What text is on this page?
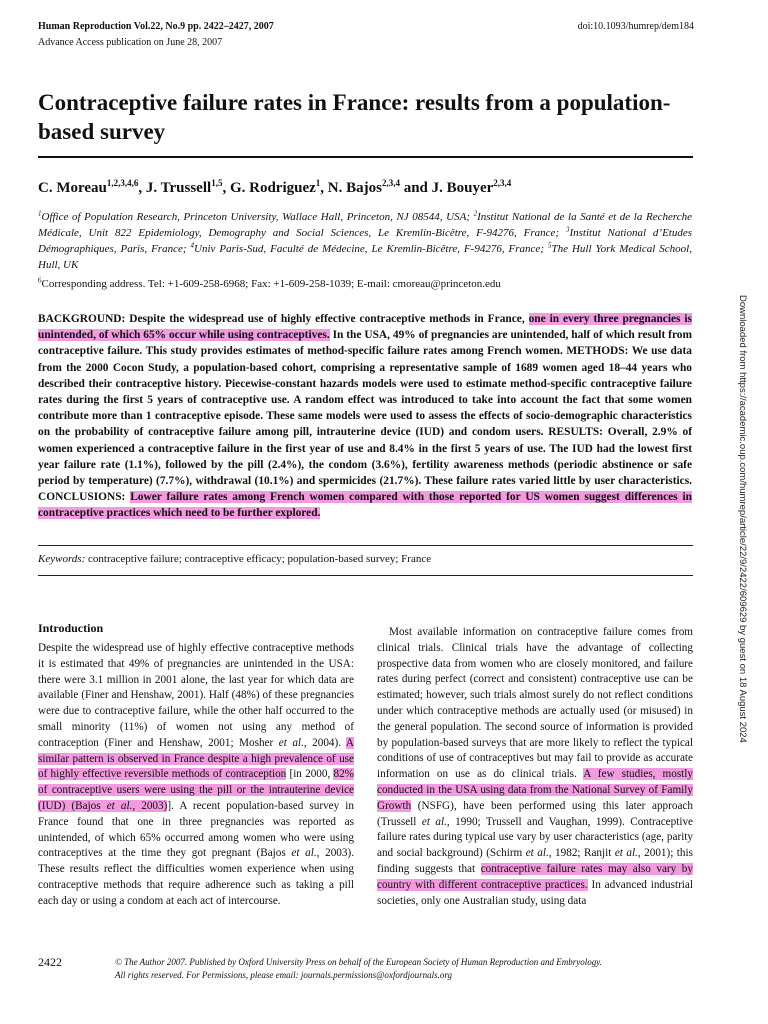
Human Reproduction Vol.22, No.9 pp. 2422–2427, 2007
Advance Access publication on June 28, 2007
doi:10.1093/humrep/dem184
Contraceptive failure rates in France: results from a population-based survey
C. Moreau$^{1,2,3,4,6}$, J. Trussell$^{1,5}$, G. Rodriguez$^1$, N. Bajos$^{2,3,4}$ and J. Bouyer$^{2,3,4}$
$^1$Office of Population Research, Princeton University, Wallace Hall, Princeton, NJ 08544, USA; $^2$Institut National de la Santé et de la Recherche Médicale, Unit 822 Epidemiology, Demography and Social Sciences, Le Kremlin-Bicêtre, F-94276, France; $^3$Institut National d’Etudes Démographiques, Paris, France; $^4$Univ Paris-Sud, Faculté de Médecine, Le Kremlin-Bicêtre, F-94276, France; $^5$The Hull York Medical School, Hull, UK
$^6$Corresponding address. Tel: +1-609-258-6968; Fax: +1-609-258-1039; E-mail: cmoreau@princeton.edu
BACKGROUND: Despite the widespread use of highly effective contraceptive methods in France, one in every three pregnancies is unintended, of which 65% occur while using contraceptives. In the USA, 49% of pregnancies are unintended, half of which result from contraceptive failure. This study provides estimates of method-specific failure rates among French women. METHODS: We use data from the 2000 Cocon Study, a population-based cohort, comprising a representative sample of 1689 women aged 18–44 years who described their contraceptive history. Piecewise-constant hazards models were used to estimate method-specific contraceptive failure rates during the first 5 years of contraceptive use. A random effect was introduced to take into account the fact that some women contribute more than 1 contraceptive episode. These same models were used to assess the effects of socio-demographic characteristics on the probability of contraceptive failure among pill, intrauterine device (IUD) and condom users. RESULTS: Overall, 2.9% of women experienced a contraceptive failure in the first year of use and 8.4% in the first 5 years of use. The IUD had the lowest first year failure rate (1.1%), followed by the pill (2.4%), the condom (3.6%), fertility awareness methods (periodic abstinence or safe period by temperature) (7.7%), withdrawal (10.1%) and spermicides (21.7%). These failure rates varied little by user characteristics. CONCLUSIONS: Lower failure rates among French women compared with those reported for US women suggest differences in contraceptive practices which need to be further explored.
Keywords: contraceptive failure; contraceptive efficacy; population-based survey; France
Introduction
Despite the widespread use of highly effective contraceptive methods it is estimated that 49% of pregnancies are unintended in the USA: there were 3.1 million in 2001 alone, the last year for which data are available (Finer and Henshaw, 2001). Half (48%) of these pregnancies were due to contraceptive failure, while the other half occurred to the small minority (11%) of women not using any method of contraception (Finer and Henshaw, 2001; Mosher et al., 2004). A similar pattern is observed in France despite a high prevalence of use of highly effective reversible methods of contraception [in 2000, 82% of contraceptive users were using the pill or the intrauterine device (IUD) (Bajos et al., 2003)]. A recent population-based survey in France found that one in three pregnancies was reported as unintended, of which 65% occurred among women who were using contraceptives at the time they got pregnant (Bajos et al., 2003). These results reflect the difficulties women experience when using contraceptive methods that require adherence such as taking a pill each day or using a condom at each act of intercourse.
Most available information on contraceptive failure comes from clinical trials. Clinical trials have the advantage of collecting prospective data from women who are closely monitored, and failure rates during perfect (correct and consistent) contraceptive use can be estimated; however, such trials almost surely do not reflect conditions under which contraceptive methods are actually used (or misused) in the general population. The second source of information is provided by population-based surveys that are more likely to reflect the typical conditions of use of contraceptives but may fail to provide as accurate information on use as do clinical trials. A few studies, mostly conducted in the USA using data from the National Survey of Family Growth (NSFG), have been performed using this later approach (Trussell et al., 1990; Trussell and Vaughan, 1999). Contraceptive failure rates during typical use vary by user characteristics (age, parity and social background) (Schirm et al., 1982; Ranjit et al., 2001); this finding suggests that contraceptive failure rates may also vary by country with different contraceptive practices. In advanced industrial societies, only one Australian study, using data
2422	© The Author 2007. Published by Oxford University Press on behalf of the European Society of Human Reproduction and Embryology.
All rights reserved. For Permissions, please email: journals.permissions@oxfordjournals.org
Downloaded from https://academic.oup.com/humrep/article/22/9/2422/609629 by guest on 18 August 2024
